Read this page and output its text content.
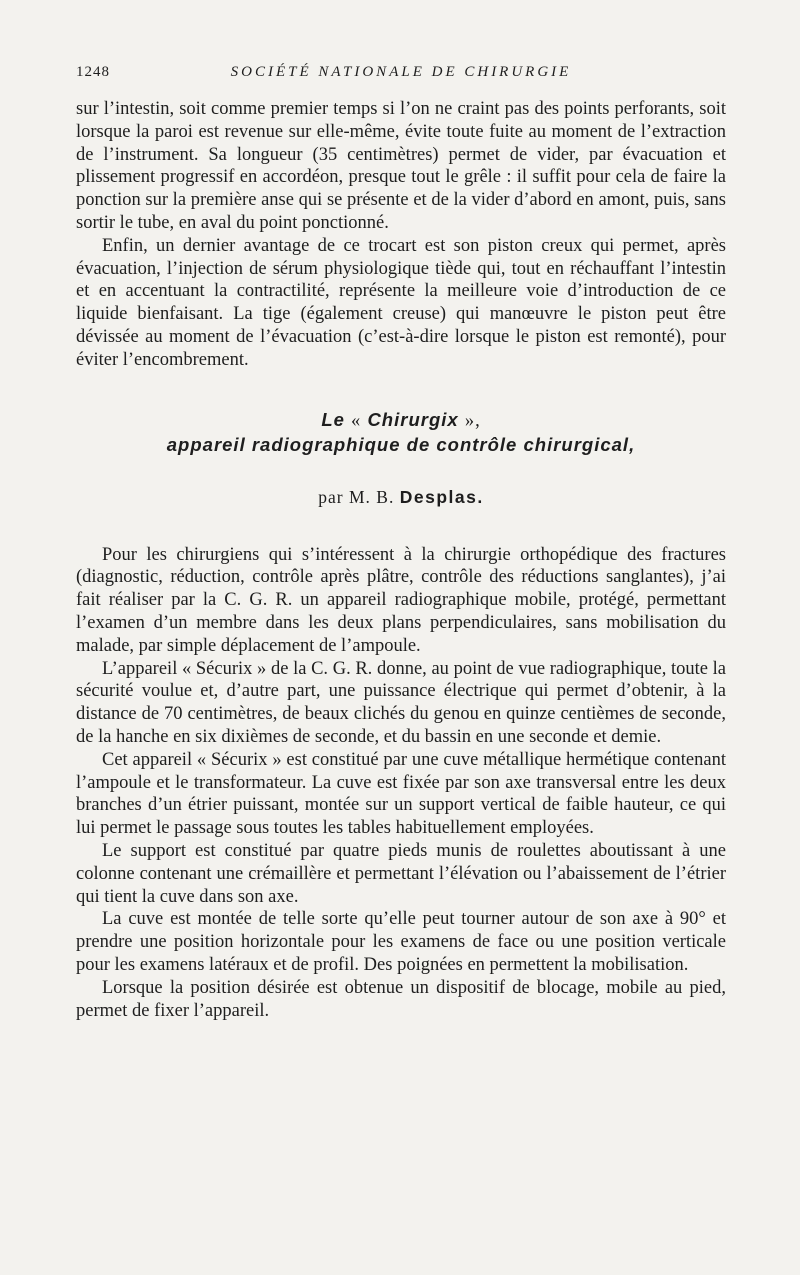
1248	SOCIÉTÉ NATIONALE DE CHIRURGIE

sur l’intestin, soit comme premier temps si l’on ne craint pas des points perforants, soit lorsque la paroi est revenue sur elle-même, évite toute fuite au moment de l’extraction de l’instrument. Sa longueur (35 centimètres) permet de vider, par évacuation et plissement progressif en accordéon, presque tout le grêle : il suffit pour cela de faire la ponction sur la première anse qui se présente et de la vider d’abord en amont, puis, sans sortir le tube, en aval du point ponctionné.

Enfin, un dernier avantage de ce trocart est son piston creux qui permet, après évacuation, l’injection de sérum physiologique tiède qui, tout en réchauffant l’intestin et en accentuant la contractilité, représente la meilleure voie d’introduction de ce liquide bienfaisant. La tige (également creuse) qui manœuvre le piston peut être dévissée au moment de l’évacuation (c’est-à-dire lorsque le piston est remonté), pour éviter l’encombrement.

Le « Chirurgix »,
appareil radiographique de contrôle chirurgical,
par M. B. Desplas.

Pour les chirurgiens qui s’intéressent à la chirurgie orthopédique des fractures (diagnostic, réduction, contrôle après plâtre, contrôle des réductions sanglantes), j’ai fait réaliser par la C. G. R. un appareil radiographique mobile, protégé, permettant l’examen d’un membre dans les deux plans perpendiculaires, sans mobilisation du malade, par simple déplacement de l’ampoule.

L’appareil « Sécurix » de la C. G. R. donne, au point de vue radiographique, toute la sécurité voulue et, d’autre part, une puissance électrique qui permet d’obtenir, à la distance de 70 centimètres, de beaux clichés du genou en quinze centièmes de seconde, de la hanche en six dixièmes de seconde, et du bassin en une seconde et demie.

Cet appareil « Sécurix » est constitué par une cuve métallique hermétique contenant l’ampoule et le transformateur. La cuve est fixée par son axe transversal entre les deux branches d’un étrier puissant, montée sur un support vertical de faible hauteur, ce qui lui permet le passage sous toutes les tables habituellement employées.

Le support est constitué par quatre pieds munis de roulettes aboutissant à une colonne contenant une crémaillère et permettant l’élévation ou l’abaissement de l’étrier qui tient la cuve dans son axe.

La cuve est montée de telle sorte qu’elle peut tourner autour de son axe à 90° et prendre une position horizontale pour les examens de face ou une position verticale pour les examens latéraux et de profil. Des poignées en permettent la mobilisation.

Lorsque la position désirée est obtenue un dispositif de blocage, mobile au pied, permet de fixer l’appareil.
